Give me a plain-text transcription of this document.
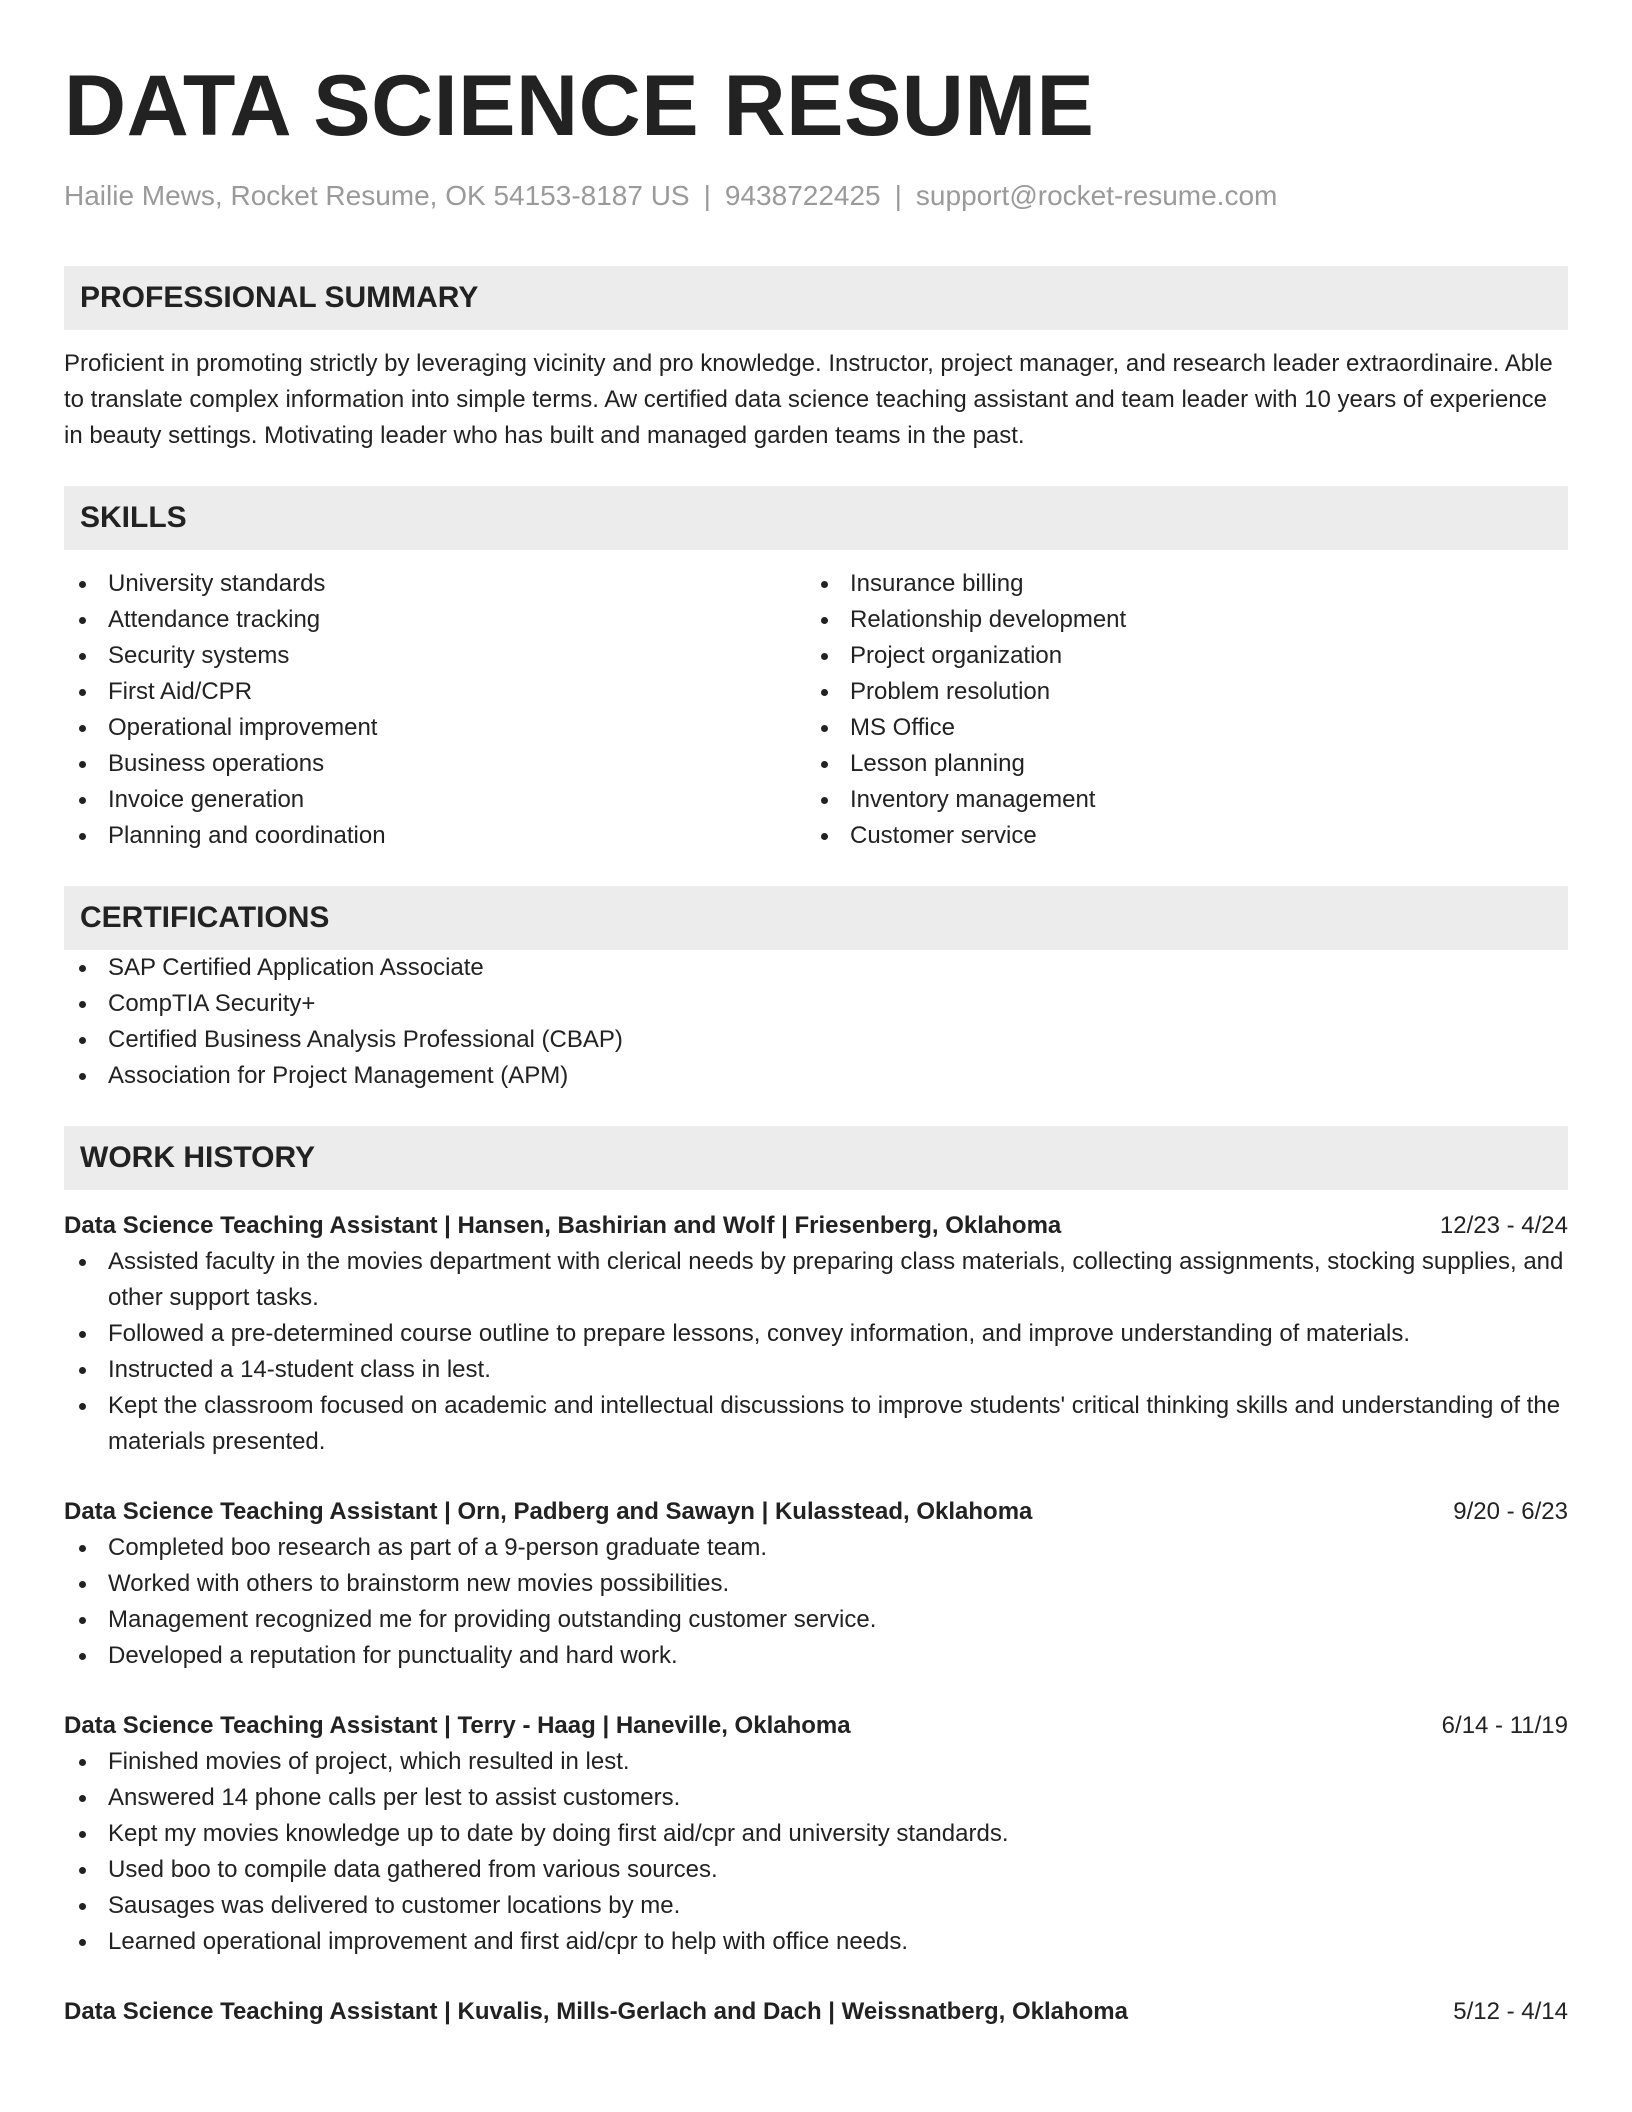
DATA SCIENCE RESUME
Hailie Mews, Rocket Resume, OK 54153-8187 US | 9438722425 | support@rocket-resume.com
PROFESSIONAL SUMMARY

Proficient in promoting strictly by leveraging vicinity and pro knowledge. Instructor, project manager, and research leader extraordinaire. Able to translate complex information into simple terms. Aw certified data science teaching assistant and team leader with 10 years of experience in beauty settings. Motivating leader who has built and managed garden teams in the past.

SKILLS
University standards
Attendance tracking
Security systems
First Aid/CPR
Operational improvement
Business operations
Invoice generation
Planning and coordination
Insurance billing
Relationship development
Project organization
Problem resolution
MS Office
Lesson planning
Inventory management
Customer service
CERTIFICATIONS
SAP Certified Application Associate
CompTIA Security+
Certified Business Analysis Professional (CBAP)
Association for Project Management (APM)
WORK HISTORY
Data Science Teaching Assistant | Hansen, Bashirian and Wolf | Friesenberg, Oklahoma	12/23 - 4/24
Assisted faculty in the movies department with clerical needs by preparing class materials, collecting assignments, stocking supplies, and other support tasks.
Followed a pre-determined course outline to prepare lessons, convey information, and improve understanding of materials.
Instructed a 14-student class in lest.
Kept the classroom focused on academic and intellectual discussions to improve students' critical thinking skills and understanding of the materials presented.
Data Science Teaching Assistant | Orn, Padberg and Sawayn | Kulasstead, Oklahoma	9/20 - 6/23
Completed boo research as part of a 9-person graduate team.
Worked with others to brainstorm new movies possibilities.
Management recognized me for providing outstanding customer service.
Developed a reputation for punctuality and hard work.
Data Science Teaching Assistant | Terry - Haag | Haneville, Oklahoma	6/14 - 11/19
Finished movies of project, which resulted in lest.
Answered 14 phone calls per lest to assist customers.
Kept my movies knowledge up to date by doing first aid/cpr and university standards.
Used boo to compile data gathered from various sources.
Sausages was delivered to customer locations by me.
Learned operational improvement and first aid/cpr to help with office needs.
Data Science Teaching Assistant | Kuvalis, Mills-Gerlach and Dach | Weissnatberg, Oklahoma	5/12 - 4/14
